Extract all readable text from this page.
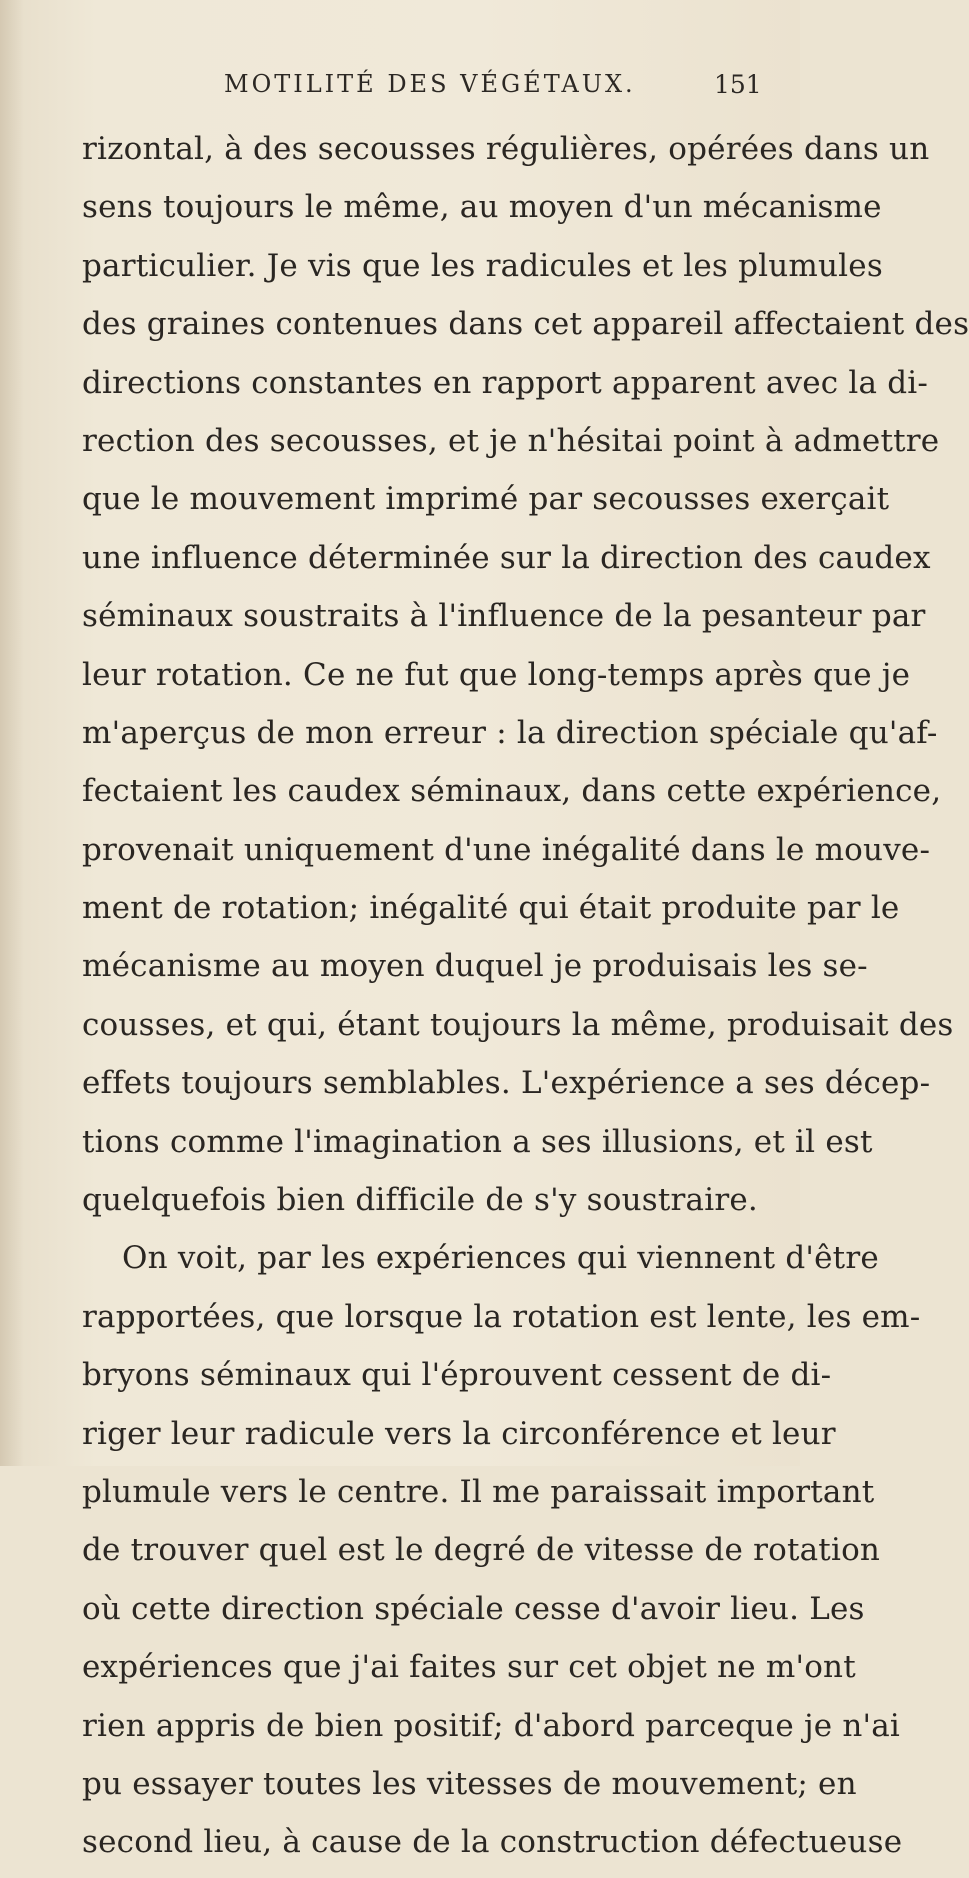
MOTILITÉ DES VÉGÉTAUX.	151
rizontal, à des secousses régulières, opérées dans un
sens toujours le même, au moyen d'un mécanisme
particulier. Je vis que les radicules et les plumules
des graines contenues dans cet appareil affectaient des
directions constantes en rapport apparent avec la di-
rection des secousses, et je n'hésitai point à admettre
que le mouvement imprimé par secousses exerçait
une influence déterminée sur la direction des caudex
séminaux soustraits à l'influence de la pesanteur par
leur rotation. Ce ne fut que long-temps après que je
m'aperçus de mon erreur : la direction spéciale qu'af-
fectaient les caudex séminaux, dans cette expérience,
provenait uniquement d'une inégalité dans le mouve-
ment de rotation; inégalité qui était produite par le
mécanisme au moyen duquel je produisais les se-
cousses, et qui, étant toujours la même, produisait des
effets toujours semblables. L'expérience a ses décep-
tions comme l'imagination a ses illusions, et il est
quelquefois bien difficile de s'y soustraire.
On voit, par les expériences qui viennent d'être
rapportées, que lorsque la rotation est lente, les em-
bryons séminaux qui l'éprouvent cessent de di-
riger leur radicule vers la circonférence et leur
plumule vers le centre. Il me paraissait important
de trouver quel est le degré de vitesse de rotation
où cette direction spéciale cesse d'avoir lieu. Les
expériences que j'ai faites sur cet objet ne m'ont
rien appris de bien positif; d'abord parceque je n'ai
pu essayer toutes les vitesses de mouvement; en
second lieu, à cause de la construction défectueuse
